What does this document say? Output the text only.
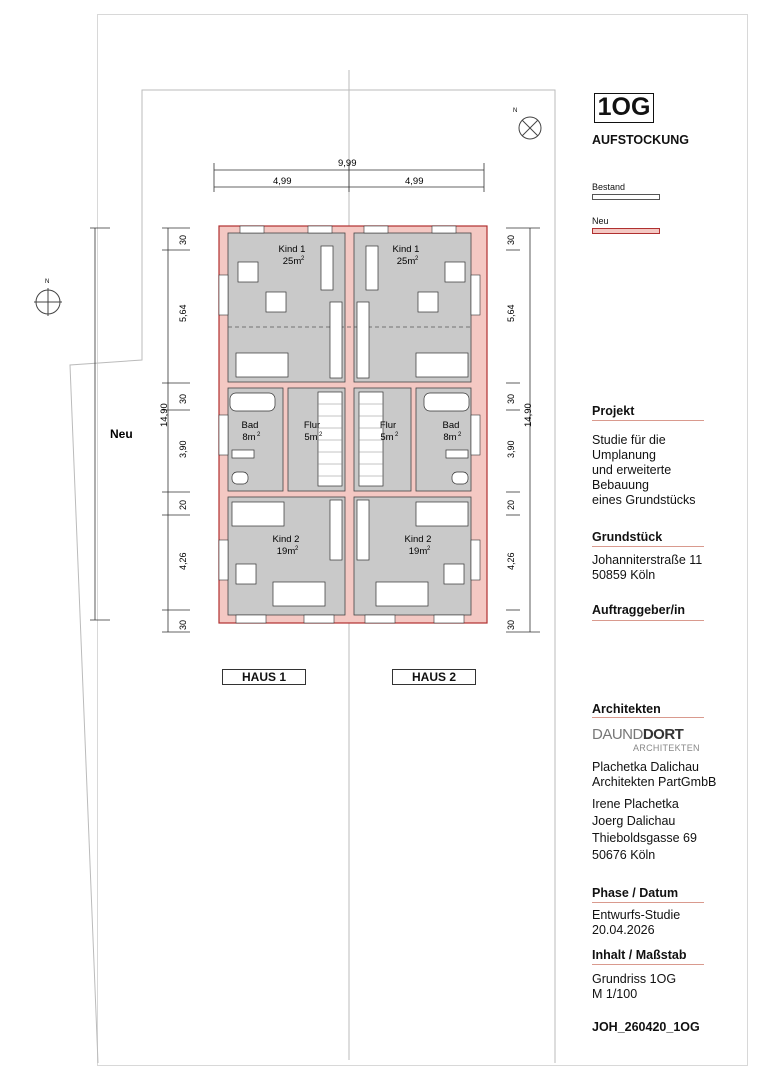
N
N
9,99
4,99	4,99
14,90
30
5,64
30
3,90
20
4,26
30
14,90
30
5,64
30
3,90
20
4,26
30
Kind 1
25m
Bad
8m
Flur
5m
Kind 2
19m
2
2	2
2
Kind 1
25m
Bad
8m
Flur
5m
Kind 2
19m
2
2
2
2
Neu
HAUS 1	HAUS 2
1OG
AUFSTOCKUNG
Bestand
Neu
Projekt
Studie für die
Umplanung
und erweiterte
Bebauung
eines Grundstücks
Grundstück
Johanniterstraße 11
50859 Köln
Auftraggeber/in
Architekten
DAUNDDORT
ARCHITEKTEN
Plachetka Dalichau
Architekten PartGmbB
Irene Plachetka
Joerg Dalichau
Thieboldsgasse 69
50676 Köln
Phase / Datum
Entwurfs-Studie
20.04.2026
Inhalt / Maßstab
Grundriss 1OG
M 1/100
JOH_260420_1OG
